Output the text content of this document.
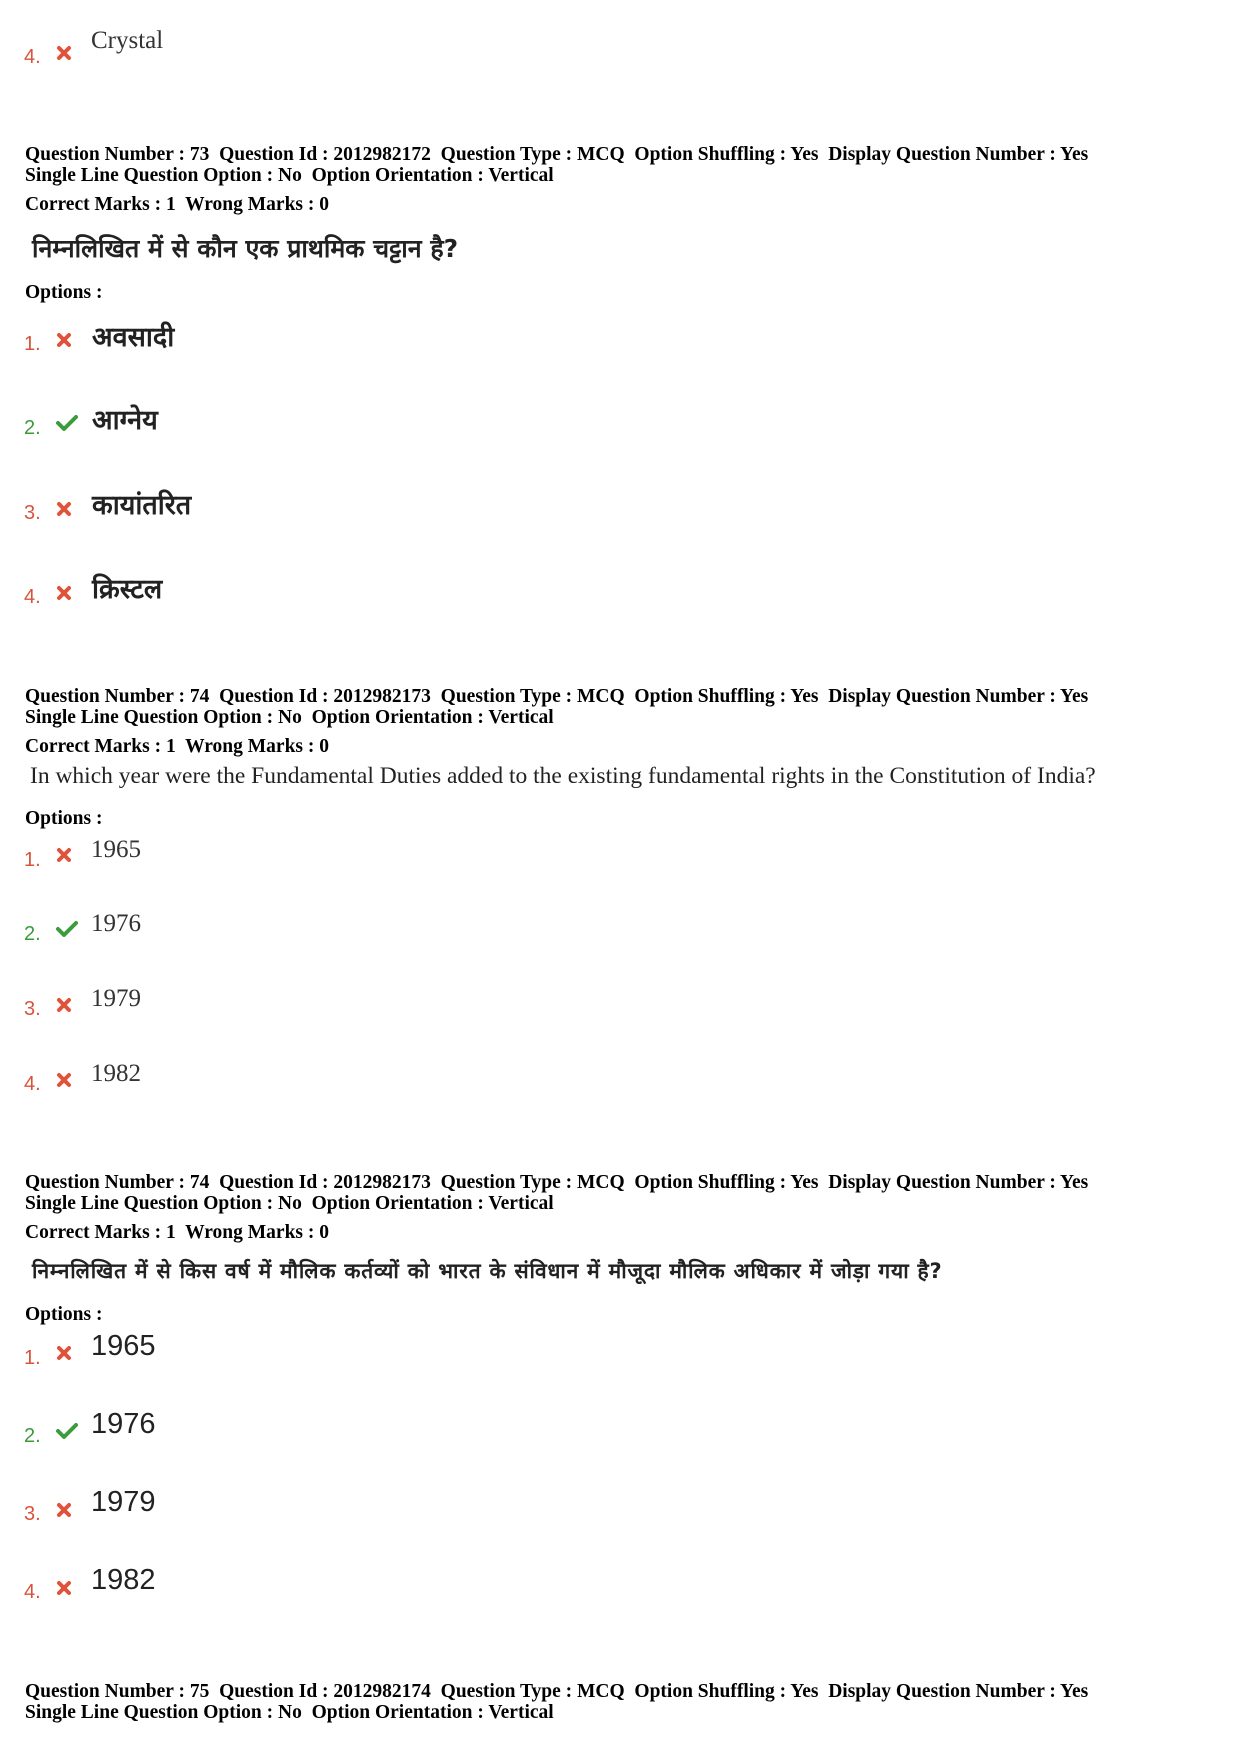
4.
Crystal
Question Number : 73  Question Id : 2012982172  Question Type : MCQ  Option Shuffling : Yes  Display Question Number : Yes
Single Line Question Option : No  Option Orientation : Vertical
Correct Marks : 1  Wrong Marks : 0
निम्नलिखित में से कौन एक प्राथमिक चट्टान है?
Options :
1. अवसादी
2. आग्नेय
3. कायांतरित
4. क्रिस्टल
Question Number : 74  Question Id : 2012982173  Question Type : MCQ  Option Shuffling : Yes  Display Question Number : Yes
Single Line Question Option : No  Option Orientation : Vertical
Correct Marks : 1  Wrong Marks : 0
In which year were the Fundamental Duties added to the existing fundamental rights in the Constitution of India?
Options :
1. 1965
2. 1976
3. 1979
4. 1982
Question Number : 74  Question Id : 2012982173  Question Type : MCQ  Option Shuffling : Yes  Display Question Number : Yes
Single Line Question Option : No  Option Orientation : Vertical
Correct Marks : 1  Wrong Marks : 0
निम्नलिखित में से किस वर्ष में मौलिक कर्तव्यों को भारत के संविधान में मौजूदा मौलिक अधिकार में जोड़ा गया है?
Options :
1. 1965
2. 1976
3. 1979
4. 1982
Question Number : 75  Question Id : 2012982174  Question Type : MCQ  Option Shuffling : Yes  Display Question Number : Yes
Single Line Question Option : No  Option Orientation : Vertical
